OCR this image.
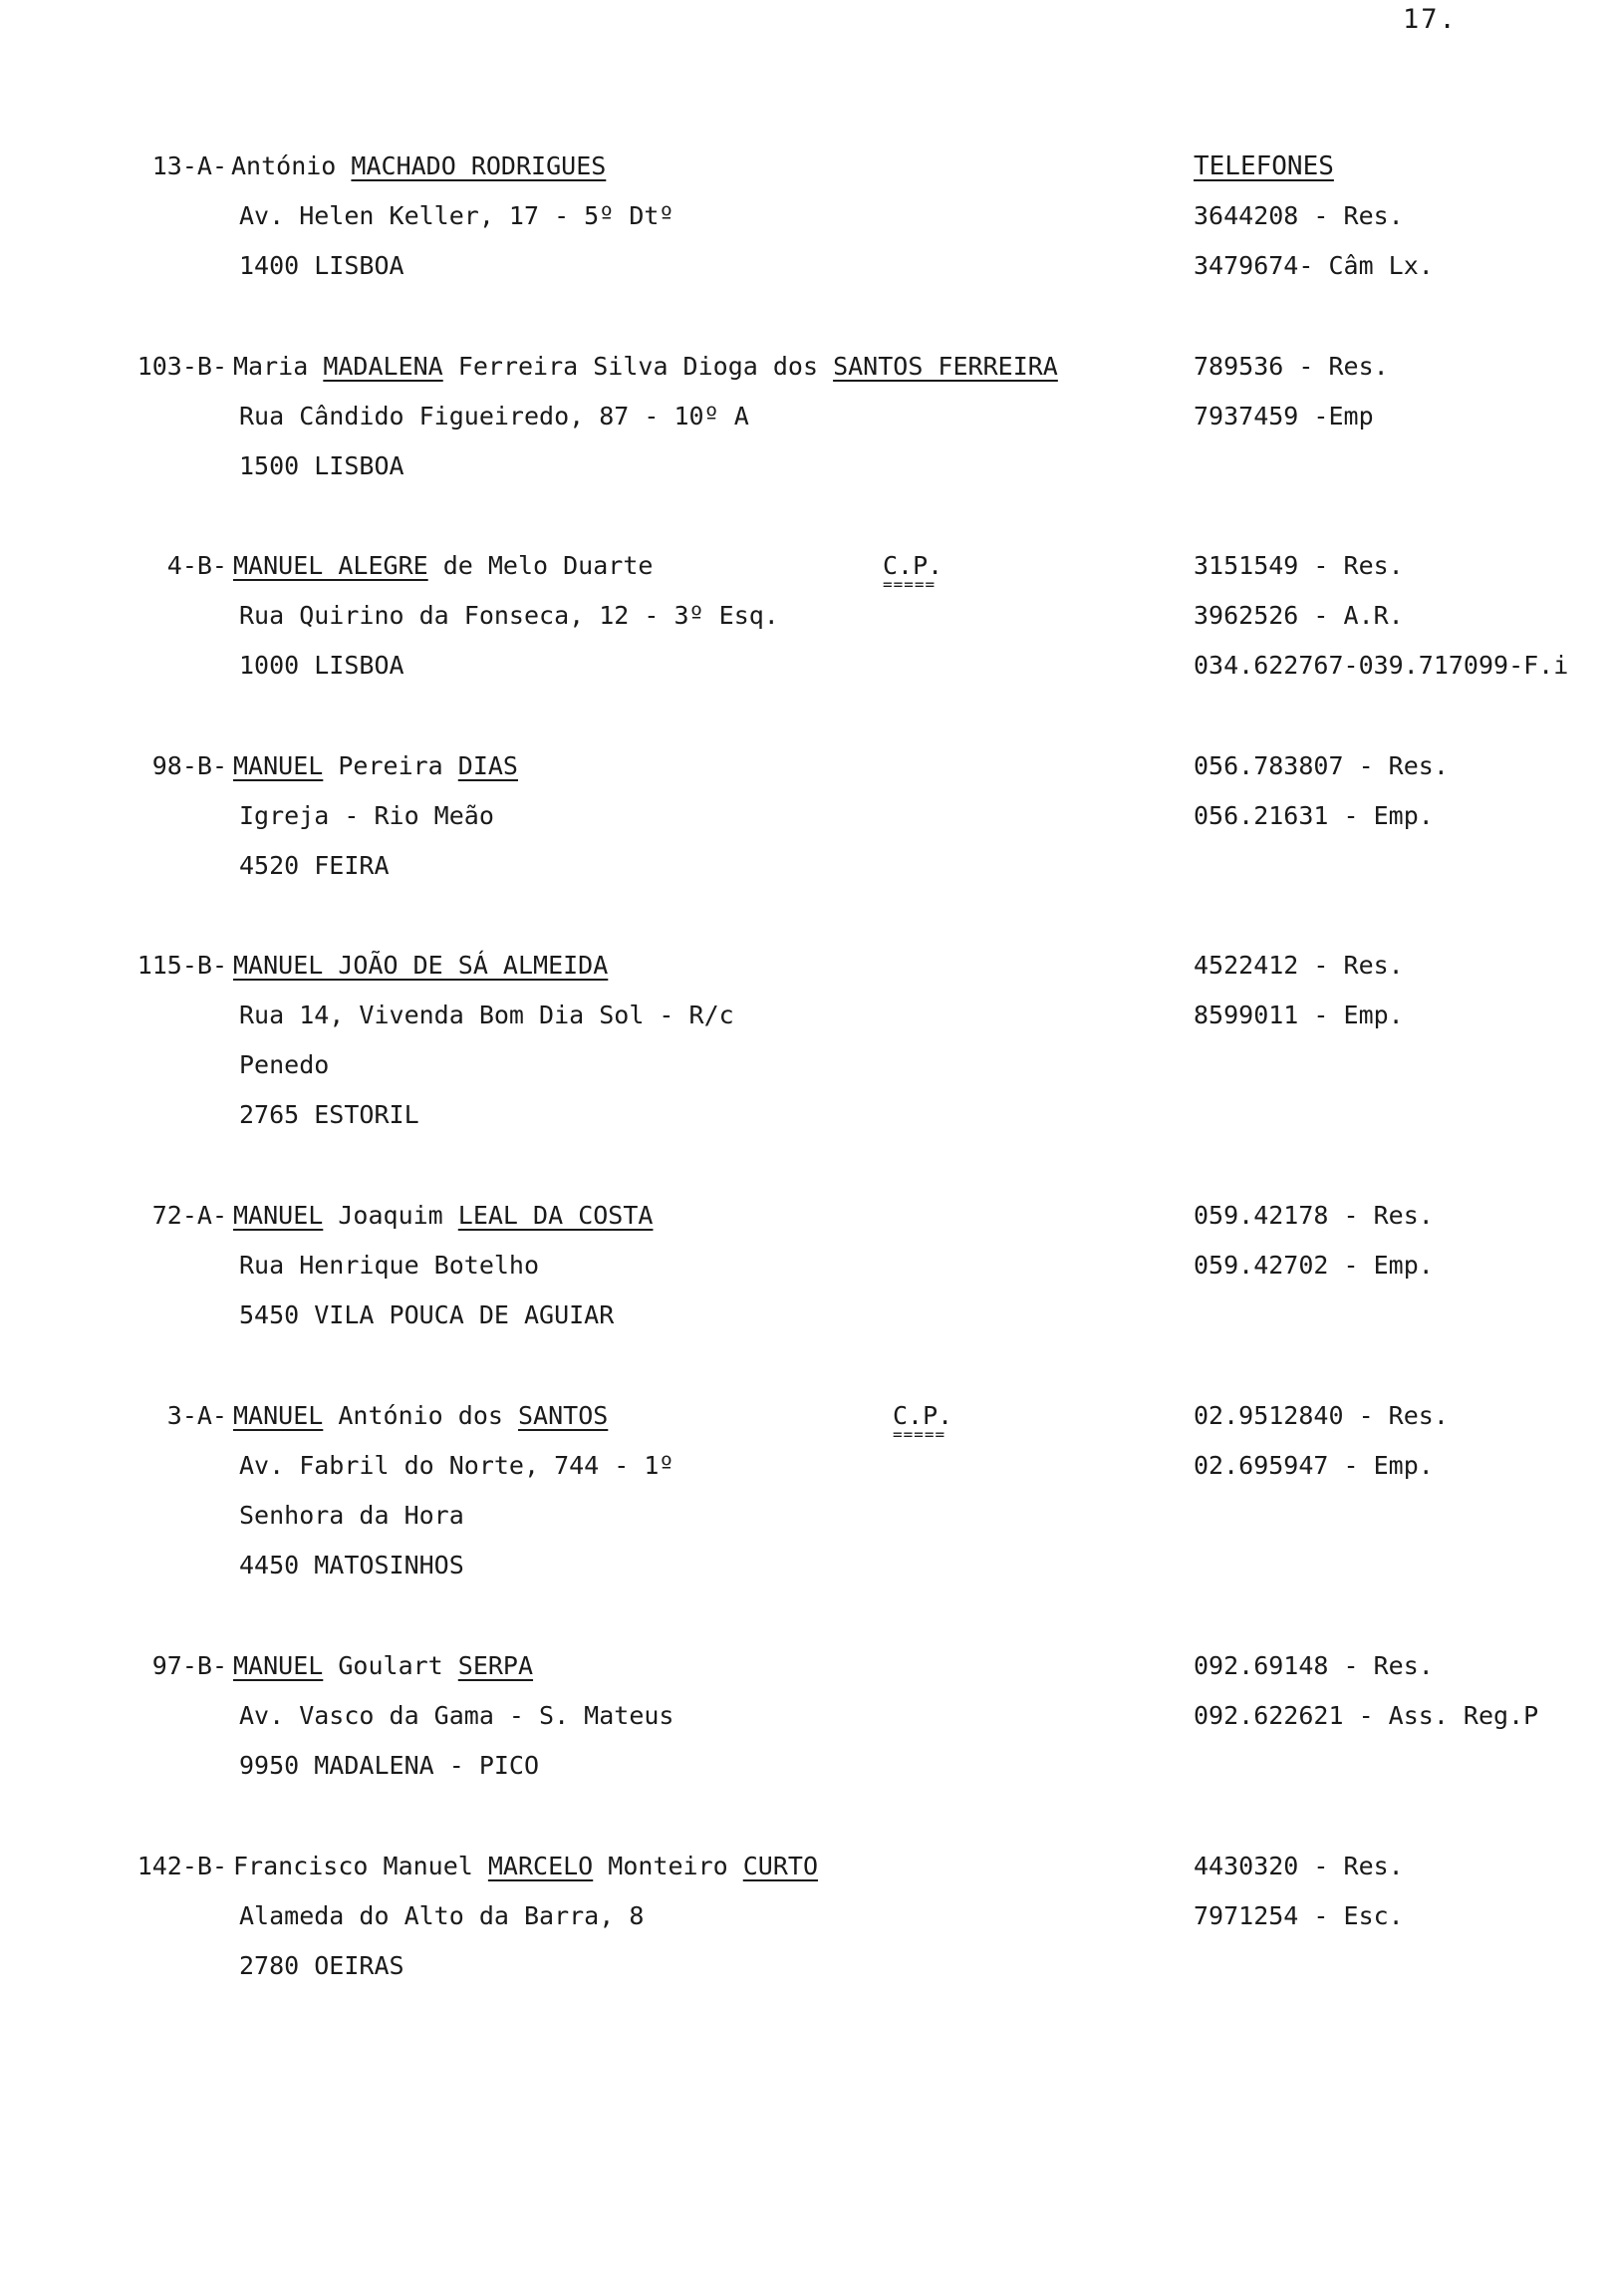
17.
TELEFONES
13-A- António MACHADO RODRIGUES
Av. Helen Keller, 17 - 5º Dtº
1400 LISBOA
3644208 - Res.
3479674- Câm Lx.
103-B- Maria MADALENA Ferreira Silva Dioga dos SANTOS FERREIRA
Rua Cândido Figueiredo, 87 - 10º A
1500 LISBOA
789536 - Res.
7937459 -Emp
4-B- MANUEL ALEGRE de Melo Duarte	C.P.
=====
Rua Quirino da Fonseca, 12 - 3º Esq.
1000 LISBOA
3151549 - Res.
3962526 - A.R.
034.622767-039.717099-F.i
98-B- MANUEL Pereira DIAS
Igreja - Rio Meão
4520 FEIRA
056.783807 - Res.
056.21631 - Emp.
115-B- MANUEL JOÃO DE SÁ ALMEIDA
Rua 14, Vivenda Bom Dia Sol - R/c
Penedo
2765 ESTORIL
4522412 - Res.
8599011 - Emp.
72-A- MANUEL Joaquim LEAL DA COSTA
Rua Henrique Botelho
5450 VILA POUCA DE AGUIAR
059.42178 - Res.
059.42702 - Emp.
3-A- MANUEL António dos SANTOS	C.P.
=====
Av. Fabril do Norte, 744 - 1º
Senhora da Hora
4450 MATOSINHOS
02.9512840 - Res.
02.695947 - Emp.
97-B- MANUEL Goulart SERPA
Av. Vasco da Gama - S. Mateus
9950 MADALENA - PICO
092.69148 - Res.
092.622621 - Ass. Reg.P
142-B- Francisco Manuel MARCELO Monteiro CURTO
Alameda do Alto da Barra, 8
2780 OEIRAS
4430320 - Res.
7971254 - Esc.
